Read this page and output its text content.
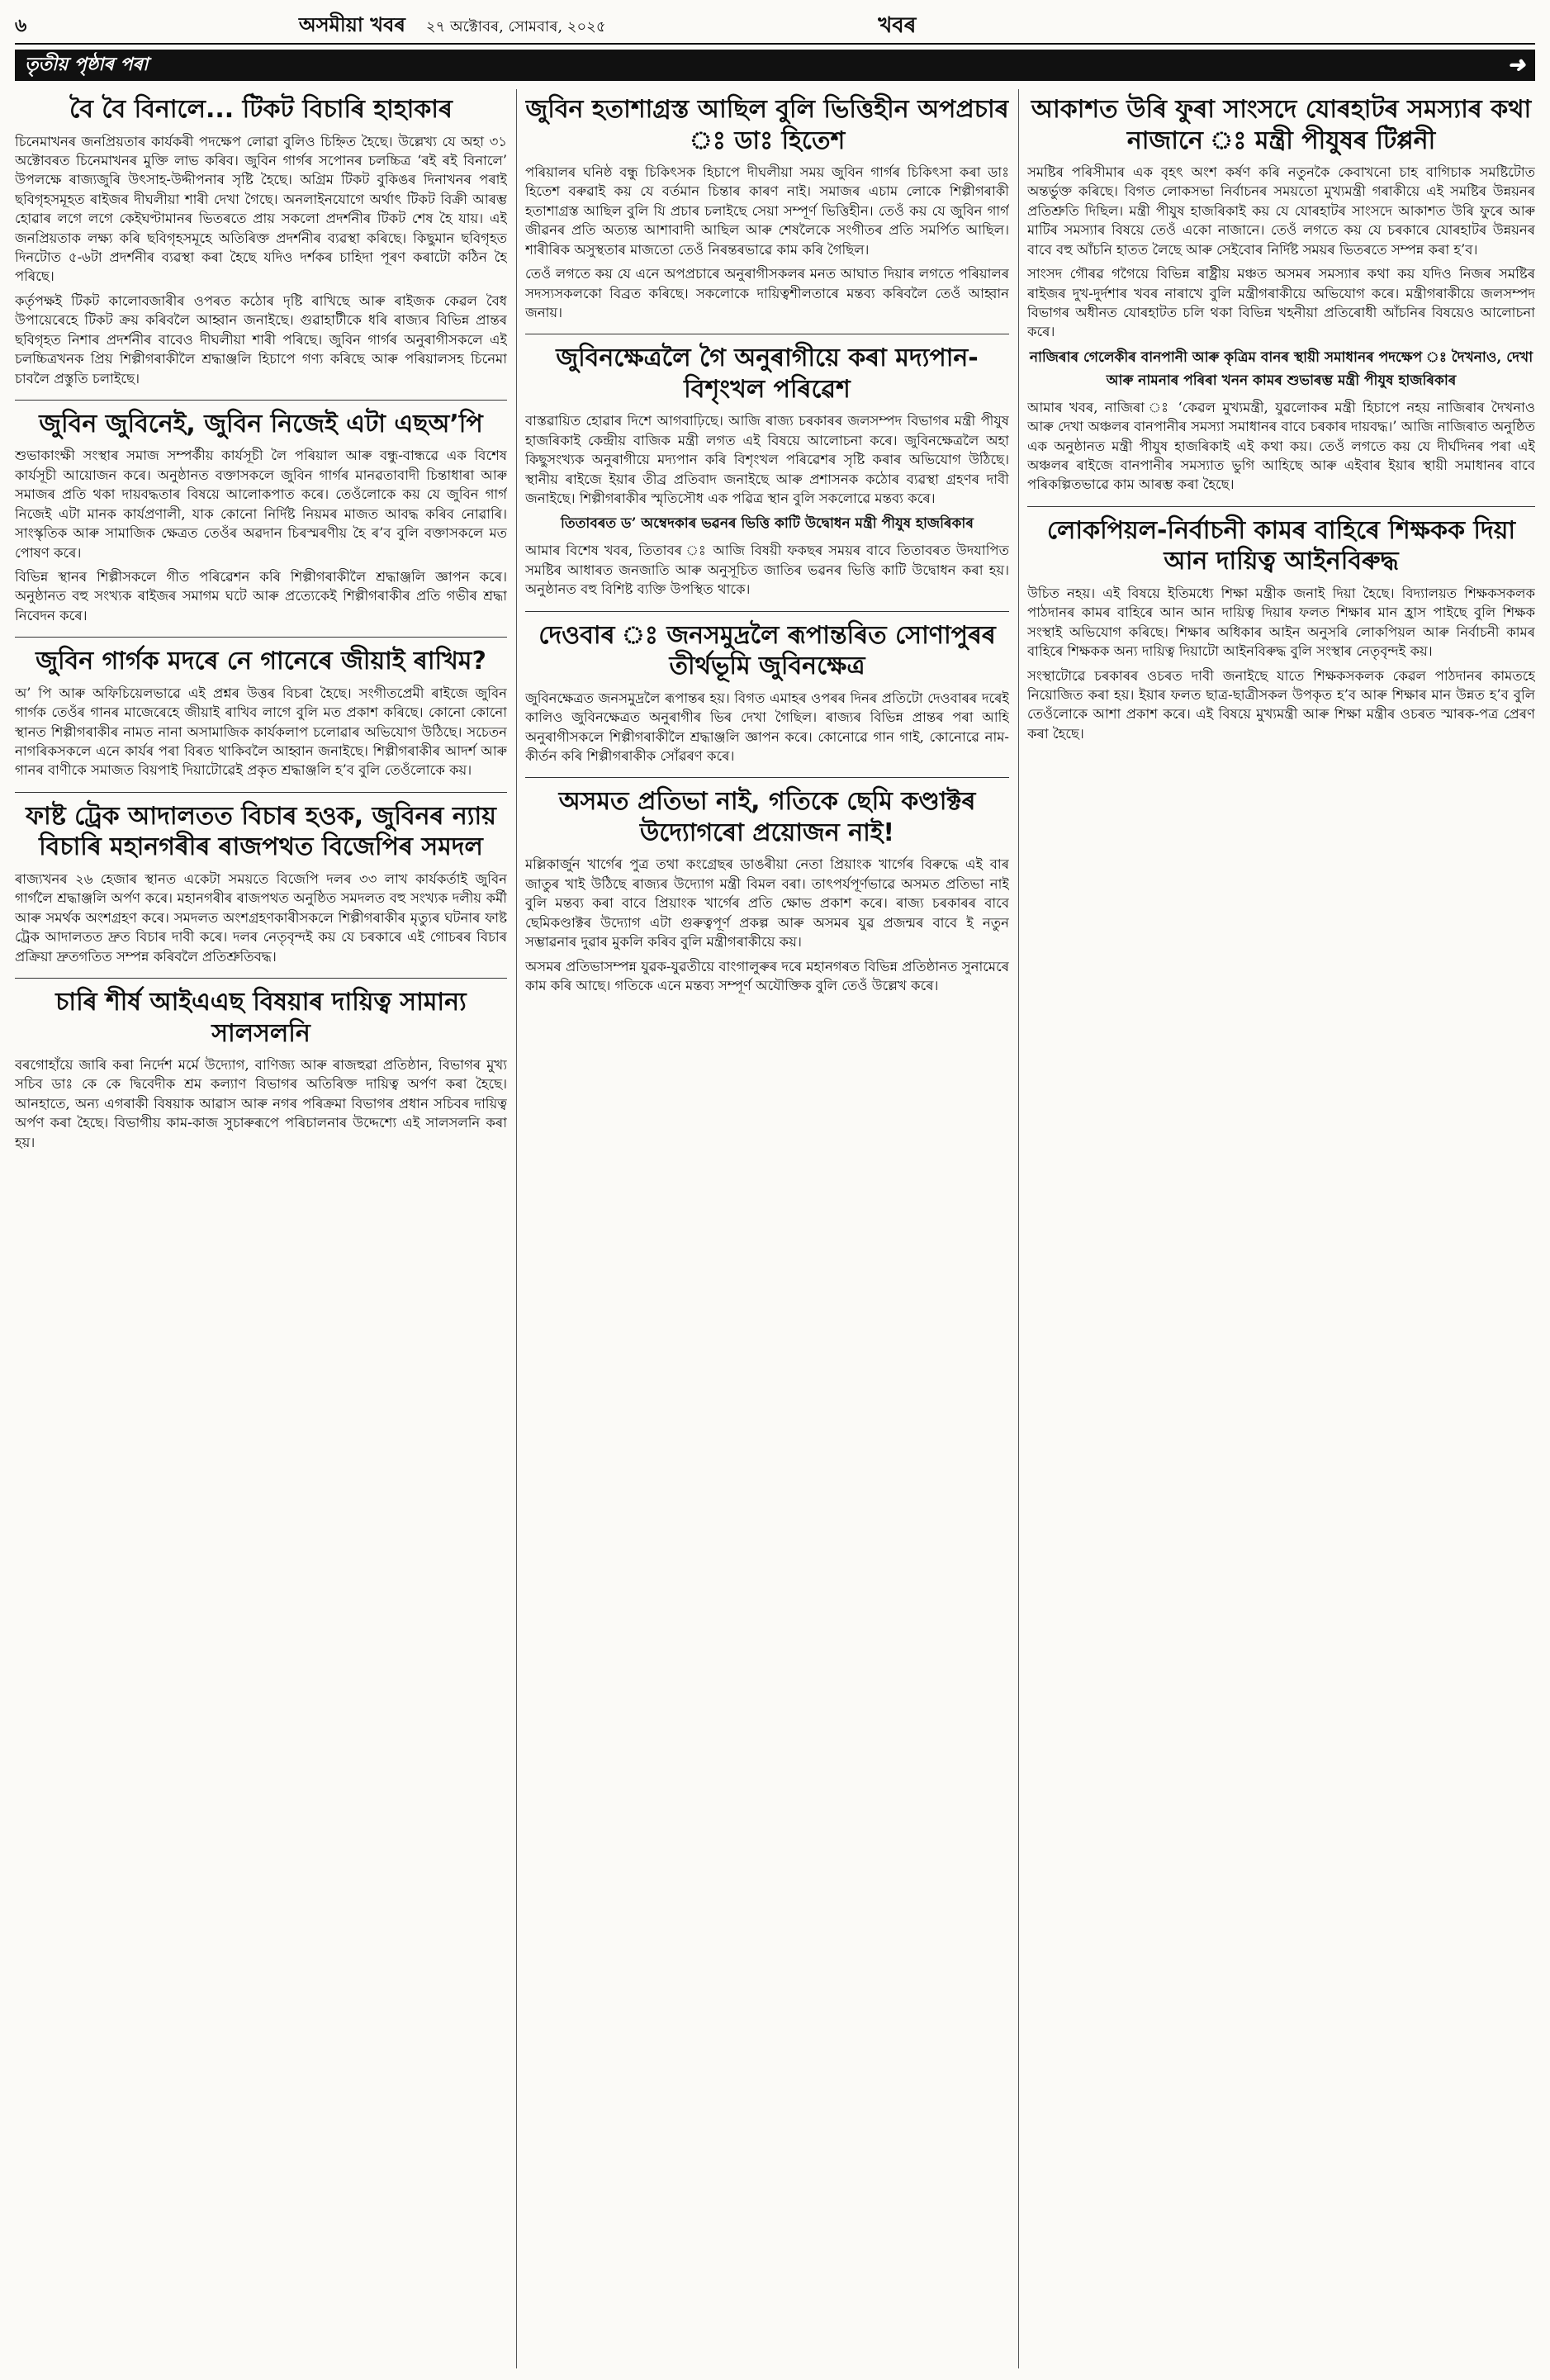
৬	অসমীয়া খবৰ ২৭ অক্টোবৰ, সোমবাৰ, ২০২৫	খবৰ
তৃতীয় পৃষ্ঠাৰ পৰা	➜
বৈ বৈ বিনালে... টিকট বিচাৰি হাহাকাৰ

চিনেমাখনৰ জনপ্ৰিয়তাৰ কাৰ্যকৰী পদক্ষেপ লোৱা বুলিও চিহ্নিত হৈছে। উল্লেখ্য যে অহা ৩১ অক্টোবৰত চিনেমাখনৰ মুক্তি লাভ কৰিব। জুবিন গাৰ্গৰ সপোনৰ চলচ্চিত্ৰ ‘ৰই ৰই বিনালে’ উপলক্ষে ৰাজ্যজুৰি উৎসাহ-উদ্দীপনাৰ সৃষ্টি হৈছে। অগ্ৰিম টিকট বুকিঙৰ দিনাখনৰ পৰাই ছবিগৃহসমূহত ৰাইজৰ দীঘলীয়া শাৰী দেখা গৈছে। অনলাইনযোগে অৰ্থাৎ টিকট বিক্ৰী আৰম্ভ হোৱাৰ লগে লগে কেইঘণ্টামানৰ ভিতৰতে প্ৰায় সকলো প্ৰদৰ্শনীৰ টিকট শেষ হৈ যায়। এই জনপ্ৰিয়তাক লক্ষ্য কৰি ছবিগৃহসমূহে অতিৰিক্ত প্ৰদৰ্শনীৰ ব্যৱস্থা কৰিছে। কিছুমান ছবিগৃহত দিনটোত ৫-৬টা প্ৰদৰ্শনীৰ ব্যৱস্থা কৰা হৈছে যদিও দৰ্শকৰ চাহিদা পূৰণ কৰাটো কঠিন হৈ পৰিছে।

কৰ্তৃপক্ষই টিকট কালোবজাৰীৰ ওপৰত কঠোৰ দৃষ্টি ৰাখিছে আৰু ৰাইজক কেৱল বৈধ উপায়েৰেহে টিকট ক্ৰয় কৰিবলৈ আহ্বান জনাইছে। গুৱাহাটীকে ধৰি ৰাজ্যৰ বিভিন্ন প্ৰান্তৰ ছবিগৃহত নিশাৰ প্ৰদৰ্শনীৰ বাবেও দীঘলীয়া শাৰী পৰিছে। জুবিন গাৰ্গৰ অনুৰাগীসকলে এই চলচ্চিত্ৰখনক প্ৰিয় শিল্পীগৰাকীলৈ শ্ৰদ্ধাঞ্জলি হিচাপে গণ্য কৰিছে আৰু পৰিয়ালসহ চিনেমা চাবলৈ প্ৰস্তুতি চলাইছে।

জুবিন জুবিনেই, জুবিন নিজেই এটা এছঅ’পি

শুভাকাংক্ষী সংস্থাৰ সমাজ সম্পৰ্কীয় কাৰ্যসূচী লৈ পৰিয়াল আৰু বন্ধু-বান্ধৱে এক বিশেষ কাৰ্যসূচী আয়োজন কৰে। অনুষ্ঠানত বক্তাসকলে জুবিন গাৰ্গৰ মানৱতাবাদী চিন্তাধাৰা আৰু সমাজৰ প্ৰতি থকা দায়বদ্ধতাৰ বিষয়ে আলোকপাত কৰে। তেওঁলোকে কয় যে জুবিন গাৰ্গ নিজেই এটা মানক কাৰ্যপ্ৰণালী, যাক কোনো নিৰ্দিষ্ট নিয়মৰ মাজত আবদ্ধ কৰিব নোৱাৰি। সাংস্কৃতিক আৰু সামাজিক ক্ষেত্ৰত তেওঁৰ অৱদান চিৰস্মৰণীয় হৈ ৰ’ব বুলি বক্তাসকলে মত পোষণ কৰে।

বিভিন্ন স্থানৰ শিল্পীসকলে গীত পৰিৱেশন কৰি শিল্পীগৰাকীলৈ শ্ৰদ্ধাঞ্জলি জ্ঞাপন কৰে। অনুষ্ঠানত বহু সংখ্যক ৰাইজৰ সমাগম ঘটে আৰু প্ৰত্যেকেই শিল্পীগৰাকীৰ প্ৰতি গভীৰ শ্ৰদ্ধা নিবেদন কৰে।

জুবিন গাৰ্গক মদৰে নে গানেৰে জীয়াই ৰাখিম?

অ’ পি আৰু অফিচিয়েলভাৱে এই প্ৰশ্নৰ উত্তৰ বিচৰা হৈছে। সংগীতপ্ৰেমী ৰাইজে জুবিন গাৰ্গক তেওঁৰ গানৰ মাজেৰেহে জীয়াই ৰাখিব লাগে বুলি মত প্ৰকাশ কৰিছে। কোনো কোনো স্থানত শিল্পীগৰাকীৰ নামত নানা অসামাজিক কাৰ্যকলাপ চলোৱাৰ অভিযোগ উঠিছে। সচেতন নাগৰিকসকলে এনে কাৰ্যৰ পৰা বিৰত থাকিবলৈ আহ্বান জনাইছে। শিল্পীগৰাকীৰ আদৰ্শ আৰু গানৰ বাণীকে সমাজত বিয়পাই দিয়াটোৱেই প্ৰকৃত শ্ৰদ্ধাঞ্জলি হ’ব বুলি তেওঁলোকে কয়।

ফাষ্ট ট্ৰেক আদালতত বিচাৰ হওক, জুবিনৰ ন্যায় বিচাৰি মহানগৰীৰ ৰাজপথত বিজেপিৰ সমদল

ৰাজ্যখনৰ ২৬ হেজাৰ স্থানত একেটা সময়তে বিজেপি দলৰ ৩৩ লাখ কাৰ্যকৰ্তাই জুবিন গাৰ্গলৈ শ্ৰদ্ধাঞ্জলি অৰ্পণ কৰে। মহানগৰীৰ ৰাজপথত অনুষ্ঠিত সমদলত বহু সংখ্যক দলীয় কৰ্মী আৰু সমৰ্থক অংশগ্ৰহণ কৰে। সমদলত অংশগ্ৰহণকাৰীসকলে শিল্পীগৰাকীৰ মৃত্যুৰ ঘটনাৰ ফাষ্ট ট্ৰেক আদালতত দ্ৰুত বিচাৰ দাবী কৰে। দলৰ নেতৃবৃন্দই কয় যে চৰকাৰে এই গোচৰৰ বিচাৰ প্ৰক্ৰিয়া দ্ৰুতগতিত সম্পন্ন কৰিবলৈ প্ৰতিশ্ৰুতিবদ্ধ।

চাৰি শীৰ্ষ আইএএছ বিষয়াৰ দায়িত্ব সামান্য সালসলনি

বৰগোহাঁয়ে জাৰি কৰা নিৰ্দেশ মৰ্মে উদ্যোগ, বাণিজ্য আৰু ৰাজহুৱা প্ৰতিষ্ঠান, বিভাগৰ মুখ্য সচিব ডাঃ কে কে দ্বিবেদীক শ্ৰম কল্যাণ বিভাগৰ অতিৰিক্ত দায়িত্ব অৰ্পণ কৰা হৈছে। আনহাতে, অন্য এগৰাকী বিষয়াক আৱাস আৰু নগৰ পৰিক্ৰমা বিভাগৰ প্ৰধান সচিবৰ দায়িত্ব অৰ্পণ কৰা হৈছে। বিভাগীয় কাম-কাজ সুচাৰুৰূপে পৰিচালনাৰ উদ্দেশ্যে এই সালসলনি কৰা হয়।

জুবিন হতাশাগ্ৰস্ত আছিল বুলি ভিত্তিহীন অপপ্ৰচাৰ ঃ ডাঃ হিতেশ

পৰিয়ালৰ ঘনিষ্ঠ বন্ধু চিকিৎসক হিচাপে দীঘলীয়া সময় জুবিন গাৰ্গৰ চিকিৎসা কৰা ডাঃ হিতেশ বৰুৱাই কয় যে বৰ্তমান চিন্তাৰ কাৰণ নাই। সমাজৰ এচাম লোকে শিল্পীগৰাকী হতাশাগ্ৰস্ত আছিল বুলি যি প্ৰচাৰ চলাইছে সেয়া সম্পূৰ্ণ ভিত্তিহীন। তেওঁ কয় যে জুবিন গাৰ্গ জীৱনৰ প্ৰতি অত্যন্ত আশাবাদী আছিল আৰু শেষলৈকে সংগীতৰ প্ৰতি সমৰ্পিত আছিল। শাৰীৰিক অসুস্থতাৰ মাজতো তেওঁ নিৰন্তৰভাৱে কাম কৰি গৈছিল।

তেওঁ লগতে কয় যে এনে অপপ্ৰচাৰে অনুৰাগীসকলৰ মনত আঘাত দিয়াৰ লগতে পৰিয়ালৰ সদস্যসকলকো বিব্ৰত কৰিছে। সকলোকে দায়িত্বশীলতাৰে মন্তব্য কৰিবলৈ তেওঁ আহ্বান জনায়।

জুবিনক্ষেত্ৰলৈ গৈ অনুৰাগীয়ে কৰা মদ্যপান-বিশৃংখল পৰিৱেশ

বাস্তৱায়িত হোৱাৰ দিশে আগবাঢ়িছে। আজি ৰাজ্য চৰকাৰৰ জলসম্পদ বিভাগৰ মন্ত্ৰী পীযুষ হাজৰিকাই কেন্দ্ৰীয় বাজিক মন্ত্ৰী লগত এই বিষয়ে আলোচনা কৰে। জুবিনক্ষেত্ৰলৈ অহা কিছুসংখ্যক অনুৰাগীয়ে মদ্যপান কৰি বিশৃংখল পৰিৱেশৰ সৃষ্টি কৰাৰ অভিযোগ উঠিছে। স্থানীয় ৰাইজে ইয়াৰ তীব্ৰ প্ৰতিবাদ জনাইছে আৰু প্ৰশাসনক কঠোৰ ব্যৱস্থা গ্ৰহণৰ দাবী জনাইছে। শিল্পীগৰাকীৰ স্মৃতিসৌধ এক পৱিত্ৰ স্থান বুলি সকলোৱে মন্তব্য কৰে।

তিতাবৰত ড’ অম্বেদকাৰ ভৱনৰ ভিত্তি কাটি উদ্বোধন মন্ত্ৰী পীযুষ হাজৰিকাৰ

আমাৰ বিশেষ খবৰ, তিতাবৰ ঃ আজি বিষয়ী ফকছৰ সময়ৰ বাবে তিতাবৰত উদযাপিত সমষ্টিৰ আধাৰত জনজাতি আৰু অনুসূচিত জাতিৰ ভৱনৰ ভিত্তি কাটি উদ্বোধন কৰা হয়। অনুষ্ঠানত বহু বিশিষ্ট ব্যক্তি উপস্থিত থাকে।

দেওবাৰ ঃ জনসমুদ্ৰলৈ ৰূপান্তৰিত সোণাপুৰৰ তীৰ্থভূমি জুবিনক্ষেত্ৰ

জুবিনক্ষেত্ৰত জনসমুদ্ৰলৈ ৰূপান্তৰ হয়। বিগত এমাহৰ ওপৰৰ দিনৰ প্ৰতিটো দেওবাৰৰ দৰেই কালিও জুবিনক্ষেত্ৰত অনুৰাগীৰ ভিৰ দেখা গৈছিল। ৰাজ্যৰ বিভিন্ন প্ৰান্তৰ পৰা আহি অনুৰাগীসকলে শিল্পীগৰাকীলৈ শ্ৰদ্ধাঞ্জলি জ্ঞাপন কৰে। কোনোৱে গান গাই, কোনোৱে নাম-কীৰ্তন কৰি শিল্পীগৰাকীক সোঁৱৰণ কৰে।

অসমত প্ৰতিভা নাই, গতিকে ছেমি কণ্ডাক্টৰ উদ্যোগৰো প্ৰয়োজন নাই!

মল্লিকাৰ্জুন খাৰ্গেৰ পুত্ৰ তথা কংগ্ৰেছৰ ডাঙৰীয়া নেতা প্ৰিয়াংক খাৰ্গেৰ বিৰুদ্ধে এই বাৰ জাতুৰ খাই উঠিছে ৰাজ্যৰ উদ্যোগ মন্ত্ৰী বিমল বৰা। তাৎপৰ্যপূৰ্ণভাৱে অসমত প্ৰতিভা নাই বুলি মন্তব্য কৰা বাবে প্ৰিয়াংক খাৰ্গেৰ প্ৰতি ক্ষোভ প্ৰকাশ কৰে। ৰাজ্য চৰকাৰৰ বাবে ছেমিকণ্ডাক্টৰ উদ্যোগ এটা গুৰুত্বপূৰ্ণ প্ৰকল্প আৰু অসমৰ যুৱ প্ৰজন্মৰ বাবে ই নতুন সম্ভাৱনাৰ দুৱাৰ মুকলি কৰিব বুলি মন্ত্ৰীগৰাকীয়ে কয়।

অসমৰ প্ৰতিভাসম্পন্ন যুৱক-যুৱতীয়ে বাংগালুৰুৰ দৰে মহানগৰত বিভিন্ন প্ৰতিষ্ঠানত সুনামেৰে কাম কৰি আছে। গতিকে এনে মন্তব্য সম্পূৰ্ণ অযৌক্তিক বুলি তেওঁ উল্লেখ কৰে।

আকাশত উৰি ফুৰা সাংসদে যোৰহাটৰ সমস্যাৰ কথা নাজানে ঃ মন্ত্ৰী পীযুষৰ টিপ্পনী

সমষ্টিৰ পৰিসীমাৰ এক বৃহৎ অংশ কৰ্ষণ কৰি নতুনকৈ কেবাখনো চাহ বাগিচাক সমষ্টিটোত অন্তৰ্ভুক্ত কৰিছে। বিগত লোকসভা নিৰ্বাচনৰ সময়তো মুখ্যমন্ত্ৰী গৰাকীয়ে এই সমষ্টিৰ উন্নয়নৰ প্ৰতিশ্ৰুতি দিছিল। মন্ত্ৰী পীযুষ হাজৰিকাই কয় যে যোৰহাটৰ সাংসদে আকাশত উৰি ফুৰে আৰু মাটিৰ সমস্যাৰ বিষয়ে তেওঁ একো নাজানে। তেওঁ লগতে কয় যে চৰকাৰে যোৰহাটৰ উন্নয়নৰ বাবে বহু আঁচনি হাতত লৈছে আৰু সেইবোৰ নিৰ্দিষ্ট সময়ৰ ভিতৰতে সম্পন্ন কৰা হ’ব।

সাংসদ গৌৰৱ গগৈয়ে বিভিন্ন ৰাষ্ট্ৰীয় মঞ্চত অসমৰ সমস্যাৰ কথা কয় যদিও নিজৰ সমষ্টিৰ ৰাইজৰ দুখ-দুৰ্দশাৰ খবৰ নাৰাখে বুলি মন্ত্ৰীগৰাকীয়ে অভিযোগ কৰে। মন্ত্ৰীগৰাকীয়ে জলসম্পদ বিভাগৰ অধীনত যোৰহাটত চলি থকা বিভিন্ন খহনীয়া প্ৰতিৰোধী আঁচনিৰ বিষয়েও আলোচনা কৰে।

নাজিৰাৰ গেলেকীৰ বানপানী আৰু কৃত্ৰিম বানৰ স্থায়ী সমাধানৰ পদক্ষেপ ঃ দৈখনাও, দেখা আৰু নামনাৰ পৰিৰা খনন কামৰ শুভাৰম্ভ মন্ত্ৰী পীযুষ হাজৰিকাৰ

আমাৰ খবৰ, নাজিৰা ঃ ‘কেৱল মুখ্যমন্ত্ৰী, যুৱলোকৰ মন্ত্ৰী হিচাপে নহয় নাজিৰাৰ দৈখনাও আৰু দেখা অঞ্চলৰ বানপানীৰ সমস্যা সমাধানৰ বাবে চৰকাৰ দায়বদ্ধ।’ আজি নাজিৰাত অনুষ্ঠিত এক অনুষ্ঠানত মন্ত্ৰী পীযুষ হাজৰিকাই এই কথা কয়। তেওঁ লগতে কয় যে দীৰ্ঘদিনৰ পৰা এই অঞ্চলৰ ৰাইজে বানপানীৰ সমস্যাত ভুগি আহিছে আৰু এইবাৰ ইয়াৰ স্থায়ী সমাধানৰ বাবে পৰিকল্পিতভাৱে কাম আৰম্ভ কৰা হৈছে।

লোকপিয়ল-নিৰ্বাচনী কামৰ বাহিৰে শিক্ষকক দিয়া আন দায়িত্ব আইনবিৰুদ্ধ

উচিত নহয়। এই বিষয়ে ইতিমধ্যে শিক্ষা মন্ত্ৰীক জনাই দিয়া হৈছে। বিদ্যালয়ত শিক্ষকসকলক পাঠদানৰ কামৰ বাহিৰে আন আন দায়িত্ব দিয়াৰ ফলত শিক্ষাৰ মান হ্ৰাস পাইছে বুলি শিক্ষক সংস্থাই অভিযোগ কৰিছে। শিক্ষাৰ অধিকাৰ আইন অনুসৰি লোকপিয়ল আৰু নিৰ্বাচনী কামৰ বাহিৰে শিক্ষকক অন্য দায়িত্ব দিয়াটো আইনবিৰুদ্ধ বুলি সংস্থাৰ নেতৃবৃন্দই কয়।

সংস্থাটোৱে চৰকাৰৰ ওচৰত দাবী জনাইছে যাতে শিক্ষকসকলক কেৱল পাঠদানৰ কামতহে নিয়োজিত কৰা হয়। ইয়াৰ ফলত ছাত্ৰ-ছাত্ৰীসকল উপকৃত হ’ব আৰু শিক্ষাৰ মান উন্নত হ’ব বুলি তেওঁলোকে আশা প্ৰকাশ কৰে। এই বিষয়ে মুখ্যমন্ত্ৰী আৰু শিক্ষা মন্ত্ৰীৰ ওচৰত স্মাৰক-পত্ৰ প্ৰেৰণ কৰা হৈছে।
